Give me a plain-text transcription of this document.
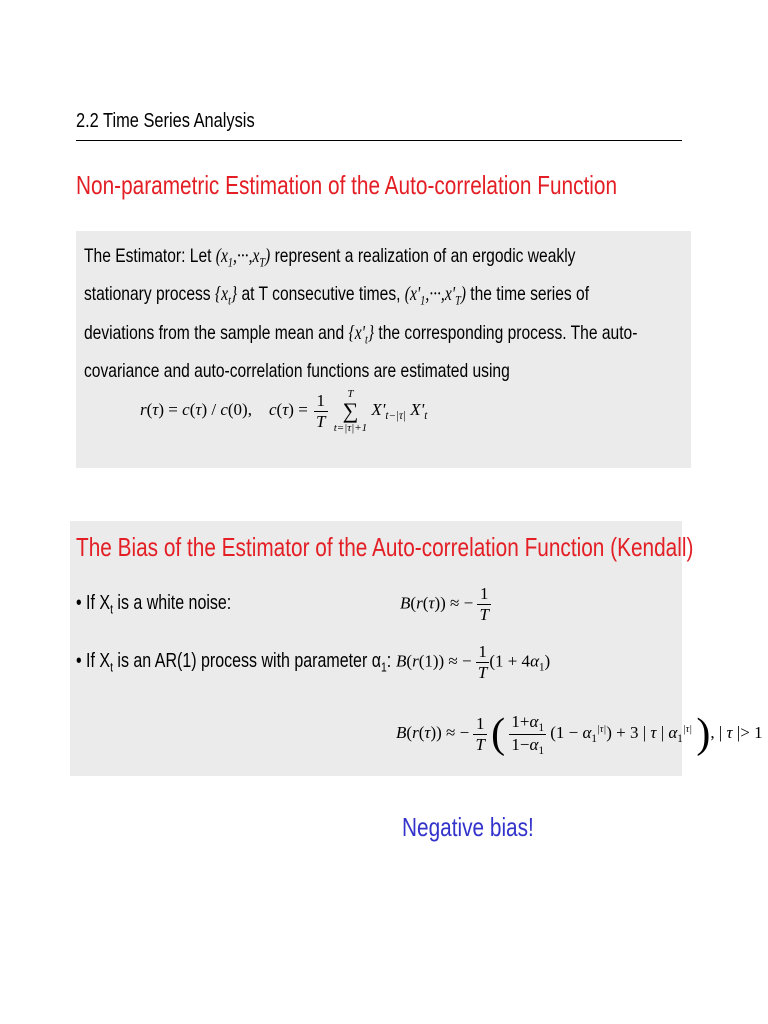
2.2 Time Series Analysis
Non-parametric Estimation of the Auto-correlation Function
The Estimator: Let $(x_1,\cdot\cdot\cdot,x_T)$ represent a realization of an ergodic weakly
stationary process $\{x_t\}$ at T consecutive times, $(x'_1,\cdot\cdot\cdot,x'_T)$ the time series of
deviations from the sample mean and $\{x'_t\}$ the corresponding process. The auto-
covariance and auto-correlation functions are estimated using
r(τ) = c(τ) / c(0),    $c(\tau) = \frac{1}{T}$
	T
∑
t=|τ|+1
$X'_{t-|\tau|}$ $X'_t$
The Bias of the Estimator of the Auto-correlation Function (Kendall)
• If $X_t$ is a white noise:	B(r(τ)) ≈ − $\frac{1}{T}$
• If $X_t$ is an AR(1) process with parameter $\alpha_1$: B(r(1)) ≈ − $\frac{1}{T} (1 + 4\alpha_1)$
B(r(τ)) ≈ − $\frac{1}{T}$ ( $\frac{1+\alpha_1}{1-\alpha_1} (1 - \alpha_1^{|\tau|}) + 3$ | τ | $\alpha_1^{|\tau|}$ ), | τ |> 1
Negative bias!
